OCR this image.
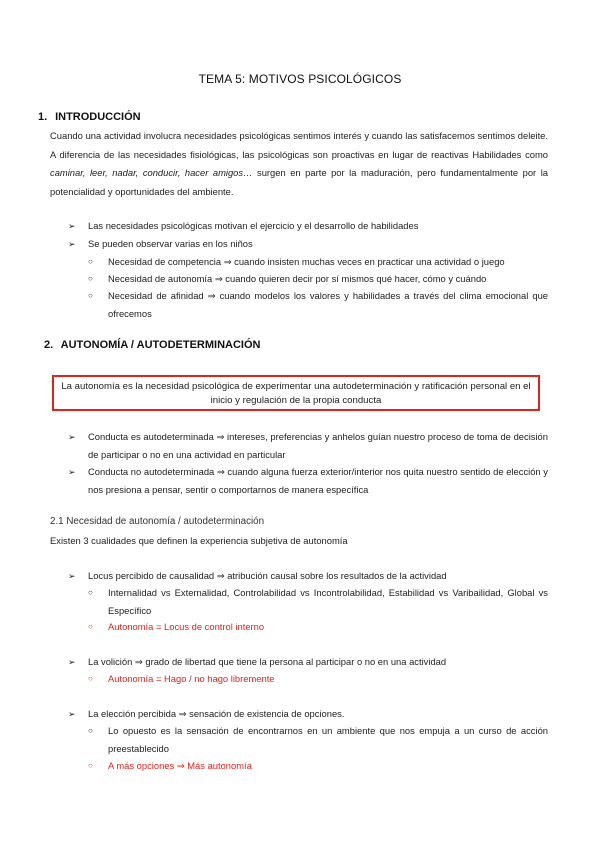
TEMA 5: MOTIVOS PSICOLÓGICOS
1. INTRODUCCIÓN
Cuando una actividad involucra necesidades psicológicas sentimos interés y cuando las satisfacemos sentimos deleite. A diferencia de las necesidades fisiológicas, las psicológicas son proactivas en lugar de reactivas Habilidades como caminar, leer, nadar, conducir, hacer amigos… surgen en parte por la maduración, pero fundamentalmente por la potencialidad y oportunidades del ambiente.
➢	Las necesidades psicológicas motivan el ejercicio y el desarrollo de habilidades
➢	Se pueden observar varias en los niños
○	Necesidad de competencia ⇒ cuando insisten muchas veces en practicar una actividad o juego
○	Necesidad de autonomía ⇒ cuando quieren decir por sí mismos qué hacer, cómo y cuándo
○	Necesidad de afinidad ⇒ cuando modelos los valores y habilidades a través del clima emocional que ofrecemos
2. AUTONOMÍA / AUTODETERMINACIÓN
La autonomía es la necesidad psicológica de experimentar una autodeterminación y ratificación personal en el inicio y regulación de la propia conducta
➢	Conducta es autodeterminada ⇒ intereses, preferencias y anhelos guían nuestro proceso de toma de decisión de participar o no en una actividad en particular
➢	Conducta no autodeterminada ⇒ cuando alguna fuerza exterior/interior nos quita nuestro sentido de elección y nos presiona a pensar, sentir o comportarnos de manera específica
2.1 Necesidad de autonomía / autodeterminación
Existen 3 cualidades que definen la experiencia subjetiva de autonomía
➢	Locus percibido de causalidad ⇒ atribución causal sobre los resultados de la actividad
○	Internalidad vs Externalidad, Controlabilidad vs Incontrolabilidad, Estabilidad vs Varibailidad, Global vs Específico
○	Autonomía = Locus de control interno
➢	La volición ⇒ grado de libertad que tiene la persona al participar o no en una actividad
○	Autonomía = Hago / no hago libremente
➢	La elección percibida ⇒ sensación de existencia de opciones.
○	Lo opuesto es la sensación de encontrarnos en un ambiente que nos empuja a un curso de acción preestablecido
○	A más opciones ⇒ Más autonomía
